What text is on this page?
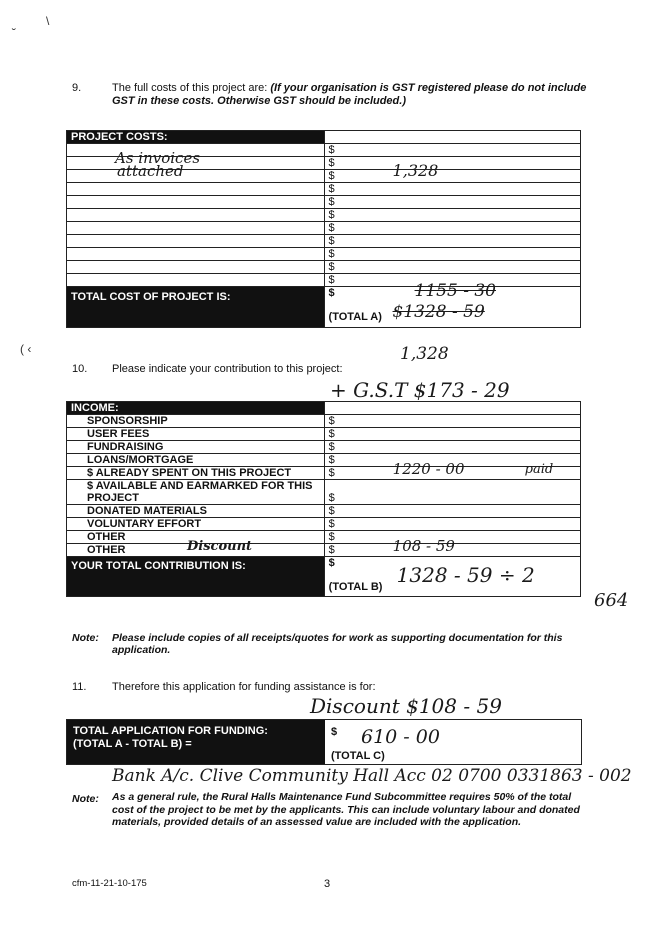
\
˘
( ‹
9.	The full costs of this project are: (If your organisation is GST registered please do not include GST in these costs. Otherwise GST should be included.)
PROJECT COSTS:	

	$

As invoices	$

attached	$ 1,328

	$

	$

	$

	$

	$

	$

	$

	$

TOTAL COST OF PROJECT IS:	$
(TOTAL A)
1155 - 30
$1328 - 59
1,328
10. Please indicate your contribution to this project:
+ G.S.T $173 - 29
INCOME:	
SPONSORSHIP	$

USER FEES	$

FUNDRAISING	$

LOANS/MORTGAGE	$

$ ALREADY SPENT ON THIS PROJECT	$ 1220 - 00 paid

$ AVAILABLE AND EARMARKED FOR THIS PROJECT	$

DONATED MATERIALS	$

VOLUNTARY EFFORT	$

OTHER	$

OTHER Discount	$ 108 - 59

YOUR TOTAL CONTRIBUTION IS:	$
(TOTAL B) 1328 - 59 ÷ 2
664
Note: Please include copies of all receipts/quotes for work as supporting documentation for this application.
11. Therefore this application for funding assistance is for:
Discount $108 - 59
TOTAL APPLICATION FOR FUNDING:
(TOTAL A - TOTAL B) =
$ 610 - 00
(TOTAL C)
Bank A/c. Clive Community Hall Acc 02 0700 0331863 - 002
Note: As a general rule, the Rural Halls Maintenance Fund Subcommittee requires 50% of the total cost of the project to be met by the applicants. This can include voluntary labour and donated materials, provided details of an assessed value are included with the application.
cfm-11-21-10-175	3
